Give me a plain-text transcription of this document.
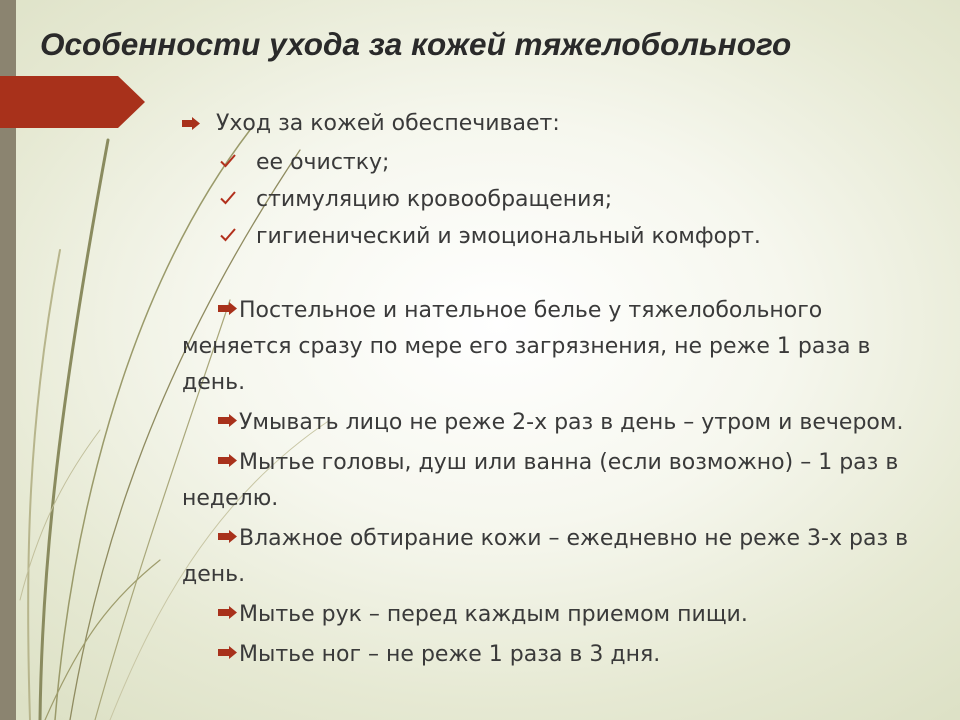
Особенности ухода за кожей тяжелобольного
Уход за кожей обеспечивает:
ее очистку;
стимуляцию кровообращения;
гигиенический и эмоциональный комфорт.

Постельное и нательное белье у тяжелобольного меняется сразу по мере его загрязнения, не реже 1 раза в день.

Умывать лицо не реже 2-х раз в день – утром и вечером.

Мытье головы, душ или ванна (если возможно) – 1 раз в неделю.

Влажное обтирание кожи – ежедневно не реже 3-х раз в день.

Мытье рук – перед каждым приемом пищи.

Мытье ног – не реже 1 раза в 3 дня.
